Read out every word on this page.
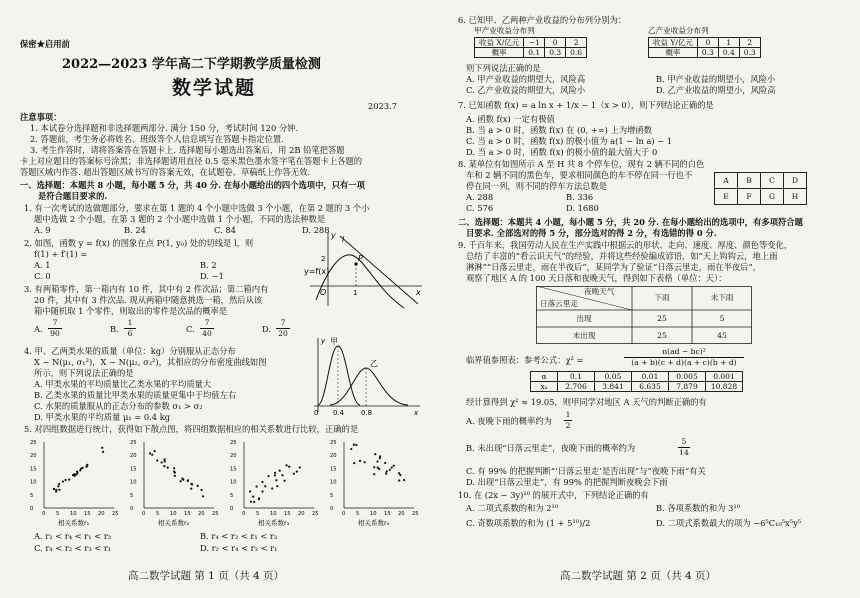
保密★启用前
2022—2023 学年高二下学期教学质量检测
数学试题
2023.7
注意事项：
1. 本试卷分选择题和非选择题两部分. 满分 150 分，考试时间 120 分钟.
2. 答题前，考生务必将姓名、班级等个人信息填写在答题卡指定位置.
3. 考生作答时，请将答案答在答题卡上. 选择题每小题选出答案后，用 2B 铅笔把答题
卡上对应题目的答案标号涂黑；非选择题请用直径 0.5 毫米黑色墨水签字笔在答题卡上各题的
答题区域内作答. 超出答题区域书写的答案无效，在试题卷、草稿纸上作答无效.
一、选择题：本题共 8 小题，每小题 5 分，共 40 分. 在每小题给出的四个选项中，只有一项
是符合题目要求的.
1. 有一次考试的选做题部分，要求在第 1 题的 4 个小题中选做 3 个小题，在第 2 题的 3 个小
题中选做 2 个小题，在第 3 题的 2 个小题中选做 1 个小题，不同的选法种数是
A. 9	B. 24	C. 84	D. 288
2. 如图，函数 y = f(x) 的图象在点 P(1, y₀) 处的切线是 l，则
f(1) + f′(1) =
A. 1	B. 2
C. 0	D. −1	y=f(x)
l
P
O	x
y
1
2
3. 有两箱零件，第一箱内有 10 件，其中有 2 件次品；第二箱内有
20 件，其中有 3 件次品. 现从两箱中随意挑选一箱，然后从该
箱中随机取 1 个零件，则取出的零件是次品的概率是
A.
7
90	B.
1
6	C.
7
40	D.
7
20
4. 甲、乙两类水果的质量（单位：kg）分别服从正态分布
X ~ N(μ₁, σ₁²)，X ~ N(μ₂, σ₂²)，其相应的分布密度曲线如图
所示，则下列说法正确的是
A. 甲类水果的平均质量比乙类水果的平均质量大
B. 乙类水果的质量比甲类水果的质量更集中于均值左右
C. 水果的质量服从的正态分布的参数 σ₁ > σ₂
D. 甲类水果的平均质量 μ₁ = 0.4 kg
甲
乙
0 0.4 0.8	x
y
5. 对四组数据进行统计，获得如下散点图，将四组数据相应的相关系数进行比较，正确的是
25
20
15
10
5
0
0 5 10 15 20 25
相关系数r₁
25
20
15
10
5
0
0 5 10 15 20 25
相关系数r₂
25
20
15
10
5
0
0 5 10 15 20 25
相关系数r₃
25
20
15
10
5
0
0 5 10 15 20 25
相关系数r₄
A. r₂ < r₄ < r₁ < r₃	B. r₄ < r₂ < r₁ < r₃
C. r₄ < r₂ < r₃ < r₁	D. r₂ < r₄ < r₃ < r₁
高二数学试题 第 1 页（共 4 页）
6. 已知甲、乙两种产业收益的分布列分别为：
甲产业收益分布列	乙产业收益分布列
收益 X/亿元	−1	0	2
概率	0.1	0.3	0.6
收益 Y/亿元	0	1	2
概率	0.3	0.4	0.3
则下列说法正确的是
A. 甲产业收益的期望大，风险高	B. 甲产业收益的期望小，风险小
C. 乙产业收益的期望大，风险小	D. 乙产业收益的期望小，风险高
7. 已知函数 f(x) = a ln x + 1/x − 1（x > 0），则下列结论正确的是
A. 函数 f(x) 一定有极值
B. 当 a > 0 时，函数 f(x) 在 (0, +∞) 上为增函数
C. 当 a > 0 时，函数 f(x) 的极小值为 a(1 − ln a) − 1
D. 当 a > 0 时，函数 f(x) 的极小值的最大值大于 0
8. 某单位有如图所示 A 至 H 共 8 个停车位，现有 2 辆不同的白色
车和 2 辆不同的黑色车，要求相同颜色的车不停在同一行也不
停在同一列，则不同的停车方法总数是
A. 288	B. 336
C. 576	D. 1680
A	B	C	D
E	F	G	H
二、选择题：本题共 4 小题，每小题 5 分，共 20 分. 在每小题给出的选项中，有多项符合题
目要求. 全部选对的得 5 分，部分选对的得 2 分，有选错的得 0 分.
9. 千百年来，我国劳动人民在生产实践中根据云的形状、走向、速度、厚度、颜色等变化，
总结了丰富的“看云识天气”的经验，并将这些经验编成谚语，如“天上钩钩云，地上雨
淋淋”“日落云里走，雨在半夜后”，某同学为了验证“日落云里走，雨在半夜后”，
观察了地区 A 的 100 天日落和夜晚天气，得到如下表格（单位：天）：
夜晚天气
日落云里走
下雨	未下雨
出现	25	5
未出现	25	45
临界值参照表：参考公式：χ² =
n(ad − bc)²
(a + b)(c + d)(a + c)(b + d)
α	0.1	0.05	0.01	0.005	0.001
xₐ	2.706	3.841	6.635	7.879	10.828
经计算得到 χ² ≈ 19.05，则甲同学对地区 A 天气的判断正确的有
A. 夜晚下雨的概率约为
1
2
B. 未出现“日落云里走”，夜晚下雨的概率约为
5
14
C. 有 99% 的把握判断“‘日落云里走’是否出现”与“夜晚下雨”有关
D. 出现“日落云里走”，有 99% 的把握判断夜晚会下雨
10. 在 (2x − 3y)¹⁰ 的展开式中，下列结论正确的有
A. 二项式系数的和为 2¹⁰	B. 各项系数的和为 3¹⁰
C. 奇数项系数的和为 (1 + 5¹⁰)/2	D. 二项式系数最大的项为 −6⁵C₁₀⁵x⁵y⁵
高二数学试题 第 2 页（共 4 页）
